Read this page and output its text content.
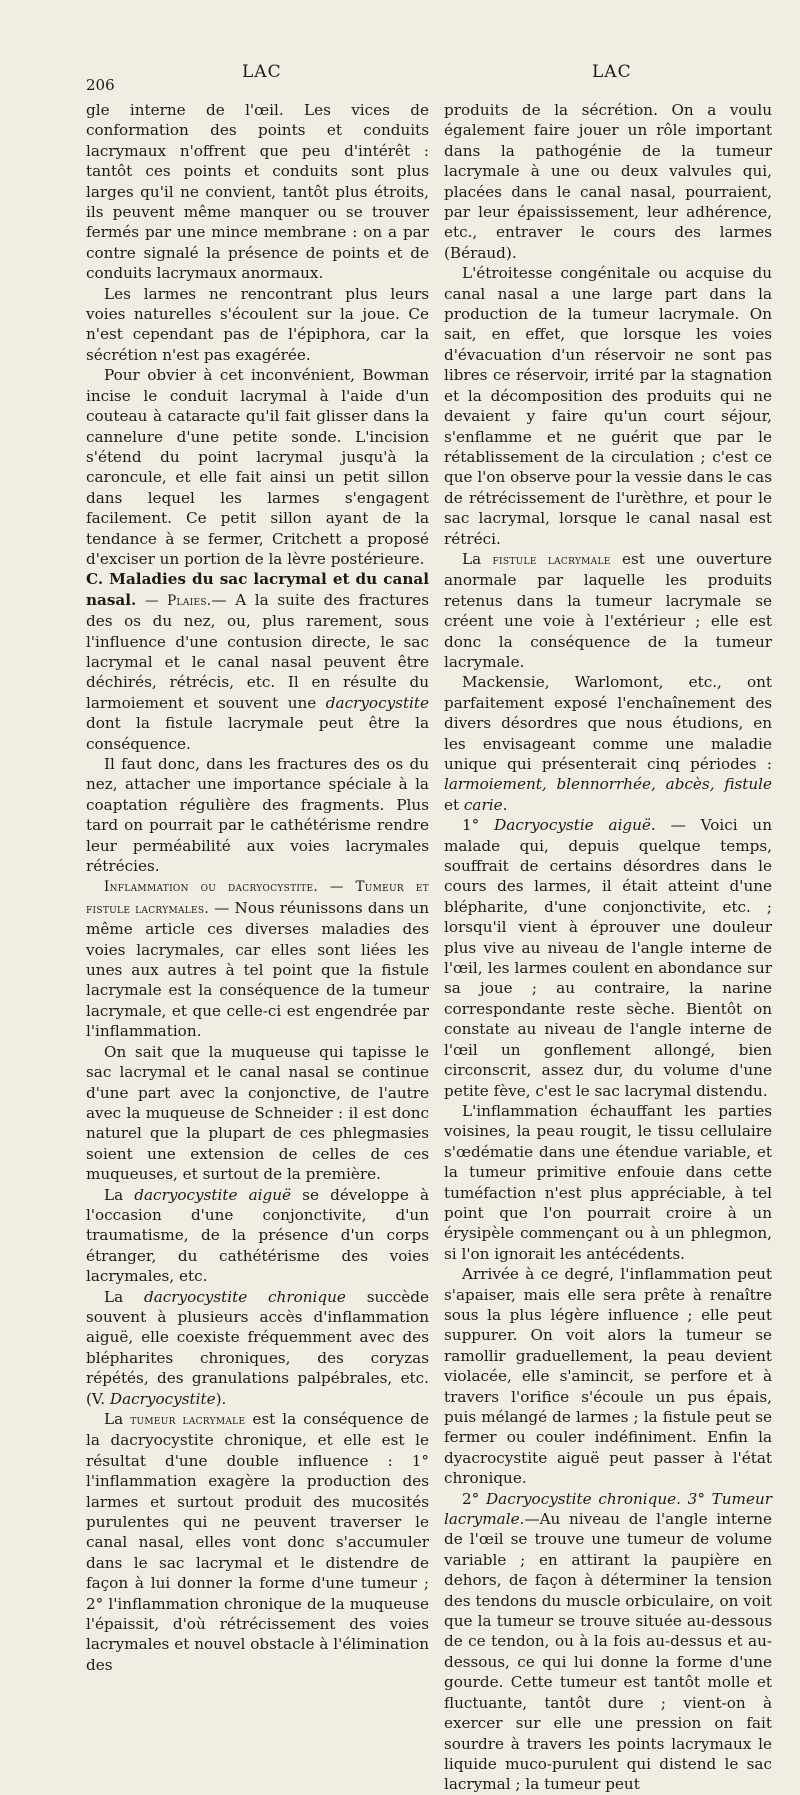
206
LAC	LAC

gle interne de l'œil. Les vices de conformation des points et conduits lacrymaux n'offrent que peu d'intérêt : tantôt ces points et conduits sont plus larges qu'il ne convient, tantôt plus étroits, ils peuvent même manquer ou se trouver fermés par une mince membrane : on a par contre signalé la présence de points et de conduits lacrymaux anormaux.

Les larmes ne rencontrant plus leurs voies naturelles s'écoulent sur la joue. Ce n'est cependant pas de l'épiphora, car la sécrétion n'est pas exagérée.

Pour obvier à cet inconvénient, Bowman incise le conduit lacrymal à l'aide d'un couteau à cataracte qu'il fait glisser dans la cannelure d'une petite sonde. L'incision s'étend du point lacrymal jusqu'à la caroncule, et elle fait ainsi un petit sillon dans lequel les larmes s'engagent facilement. Ce petit sillon ayant de la tendance à se fermer, Critchett a proposé d'exciser un portion de la lèvre postérieure.

C. Maladies du sac lacrymal et du canal nasal. — Plaies.— A la suite des fractures des os du nez, ou, plus rarement, sous l'influence d'une contusion directe, le sac lacrymal et le canal nasal peuvent être déchirés, rétrécis, etc. Il en résulte du larmoiement et souvent une dacryocystite dont la fistule lacrymale peut être la conséquence.

Il faut donc, dans les fractures des os du nez, attacher une importance spéciale à la coaptation régulière des fragments. Plus tard on pourrait par le cathétérisme rendre leur perméabilité aux voies lacrymales rétrécies.

Inflammation ou dacryocystite. — Tumeur et fistule lacrymales. — Nous réunissons dans un même article ces diverses maladies des voies lacrymales, car elles sont liées les unes aux autres à tel point que la fistule lacrymale est la conséquence de la tumeur lacrymale, et que celle-ci est engendrée par l'inflammation.

On sait que la muqueuse qui tapisse le sac lacrymal et le canal nasal se continue d'une part avec la conjonctive, de l'autre avec la muqueuse de Schneider : il est donc naturel que la plupart de ces phlegmasies soient une extension de celles de ces muqueuses, et surtout de la première.

La dacryocystite aiguë se développe à l'occasion d'une conjonctivite, d'un traumatisme, de la présence d'un corps étranger, du cathétérisme des voies lacrymales, etc.

La dacryocystite chronique succède souvent à plusieurs accès d'inflammation aiguë, elle coexiste fréquemment avec des blépharites chroniques, des coryzas répétés, des granulations palpébrales, etc. (V. Dacryocystite).

La tumeur lacrymale est la conséquence de la dacryocystite chronique, et elle est le résultat d'une double influence : 1° l'inflammation exagère la production des larmes et surtout produit des mucosités purulentes qui ne peuvent traverser le canal nasal, elles vont donc s'accumuler dans le sac lacrymal et le distendre de façon à lui donner la forme d'une tumeur ; 2° l'inflammation chronique de la muqueuse l'épaissit, d'où rétrécissement des voies lacrymales et nouvel obstacle à l'élimination des

produits de la sécrétion. On a voulu également faire jouer un rôle important dans la pathogénie de la tumeur lacrymale à une ou deux valvules qui, placées dans le canal nasal, pourraient, par leur épaississement, leur adhérence, etc., entraver le cours des larmes (Béraud).

L'étroitesse congénitale ou acquise du canal nasal a une large part dans la production de la tumeur lacrymale. On sait, en effet, que lorsque les voies d'évacuation d'un réservoir ne sont pas libres ce réservoir, irrité par la stagnation et la décomposition des produits qui ne devaient y faire qu'un court séjour, s'enflamme et ne guérit que par le rétablissement de la circulation ; c'est ce que l'on observe pour la vessie dans le cas de rétrécissement de l'urèthre, et pour le sac lacrymal, lorsque le canal nasal est rétréci.

La fistule lacrymale est une ouverture anormale par laquelle les produits retenus dans la tumeur lacrymale se créent une voie à l'extérieur ; elle est donc la conséquence de la tumeur lacrymale.

Mackensie, Warlomont, etc., ont parfaitement exposé l'enchaînement des divers désordres que nous étudions, en les envisageant comme une maladie unique qui présenterait cinq périodes : larmoiement, blennorrhée, abcès, fistule et carie.

1° Dacryocystie aiguë. — Voici un malade qui, depuis quelque temps, souffrait de certains désordres dans le cours des larmes, il était atteint d'une blépharite, d'une conjonctivite, etc. ; lorsqu'il vient à éprouver une douleur plus vive au niveau de l'angle interne de l'œil, les larmes coulent en abondance sur sa joue ; au contraire, la narine correspondante reste sèche. Bientôt on constate au niveau de l'angle interne de l'œil un gonflement allongé, bien circonscrit, assez dur, du volume d'une petite fève, c'est le sac lacrymal distendu.

L'inflammation échauffant les parties voisines, la peau rougit, le tissu cellulaire s'œdématie dans une étendue variable, et la tumeur primitive enfouie dans cette tuméfaction n'est plus appréciable, à tel point que l'on pourrait croire à un érysipèle commençant ou à un phlegmon, si l'on ignorait les antécédents.

Arrivée à ce degré, l'inflammation peut s'apaiser, mais elle sera prête à renaître sous la plus légère influence ; elle peut suppurer. On voit alors la tumeur se ramollir graduellement, la peau devient violacée, elle s'amincit, se perfore et à travers l'orifice s'écoule un pus épais, puis mélangé de larmes ; la fistule peut se fermer ou couler indéfiniment. Enfin la dyacrocystite aiguë peut passer à l'état chronique.

2° Dacryocystite chronique. 3° Tumeur lacrymale.—Au niveau de l'angle interne de l'œil se trouve une tumeur de volume variable ; en attirant la paupière en dehors, de façon à déterminer la tension des tendons du muscle orbiculaire, on voit que la tumeur se trouve située au-dessous de ce tendon, ou à la fois au-dessus et au-dessous, ce qui lui donne la forme d'une gourde. Cette tumeur est tantôt molle et fluctuante, tantôt dure ; vient-on à exercer sur elle une pression on fait sourdre à travers les points lacrymaux le liquide muco-purulent qui distend le sac lacrymal ; la tumeur peut
